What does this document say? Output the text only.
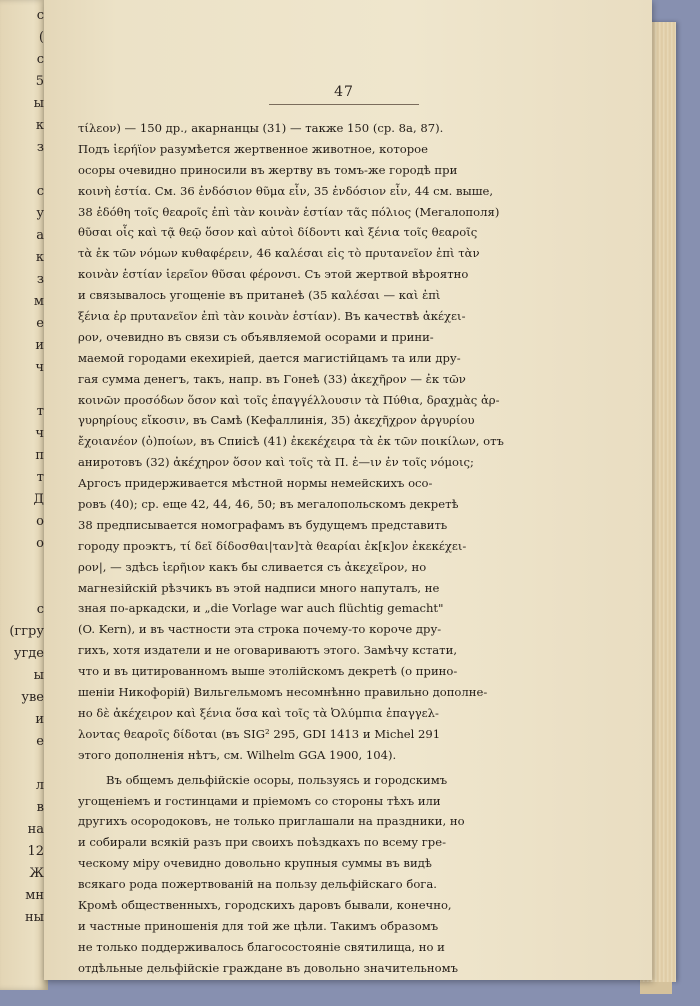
с
(
с
5
ы
к
з
с
у
а
к
з
м
е
и
ч
т
ч
п
т
Д
о
о
с
(ггру
угде
ы
уве
и
е
л
в
на
12
Ж
мн
ны
47
τίλεον) — 150 др., акарнанцы (31) — также 150 (ср. 8а, 87).
Подъ ἱερήϊον разумѣется жертвенное животное, которое
осоры очевидно приносили въ жертву въ томъ-же городѣ при
κοινὴ ἑστία. См. 36 ἐνδόσιον θῦμα εἶν, 35 ἐνδόσιον εἶν, 44 см. выше,
38 ἐδόθη τοῖς θεαροῖς ἐπὶ τὰν κοινὰν ἑστίαν τᾶς πόλιος (Мегалополя)
θῦσαι οἷς καὶ τᾷ θεῷ ὅσον καὶ αὐτοὶ δίδοντι καὶ ξένια τοῖς θεαροῖς
τὰ ἐκ τῶν νόμων κυθαφέρειν, 46 καλέσαι εἰς τὸ πρυτανεῖον ἐπὶ τὰν
κοινὰν ἑστίαν ἱερεῖον θῦσαι φέρονσι. Съ этой жертвой вѣроятно
и связывалось угощеніе въ пританеѣ (35 καλέσαι — καὶ ἐπὶ
ξένια ἐρ πρυτανεῖον ἐπὶ τὰν κοινὰν ἑστίαν). Въ качествѣ ἀκέχει-
ρον, очевидно въ связи съ объявляемой осорами и прини-
маемой городами екехиріей, дается магистійцамъ та или дру-
гая сумма денегъ, такъ, напр. въ Гонеѣ (33) ἀκεχῆρον — ἐκ τῶν
κοινῶν προσόδων ὅσον καὶ τοῖς ἐπαγγέλλουσιν τὰ Πύθια, δραχμὰς ἀρ-
γυρηρίους εἴκοσιν, въ Самѣ (Кефаллинія, 35) ἀκεχῆχρον ἀργυρίου
ἔχοιανέον (ὀ)ποίων, въ Спиісѣ (41) ἐκεκέχειρα τὰ ἐκ τῶν ποικίλων, отъ
аниротовъ (32) ἀκέχηρον ὅσον καὶ τοῖς τὰ Π. ἐ—ιν ἐν τοῖς νόμοις;
Аргосъ придерживается мѣстной нормы немейскихъ осо-
ровъ (40); ср. еще 42, 44, 46, 50; въ мегалопольскомъ декретѣ
38 предписывается номографамъ въ будущемъ представить
городу проэктъ, τί δεῖ δίδοσθαι|ταν]τὰ θεαρίαι ἐκ[κ]ον ἐκεκέχει-
ρον|, — здѣсь ἱερῆιον какъ бы сливается съ ἀκεχεῖρον, но
магнезійскій рѣзчикъ въ этой надписи много напуталъ, не
зная по-аркадски, и „die Vorlage war auch flüchtig gemacht"
(O. Kern), и въ частности эта строка почему-то короче дру-
гихъ, хотя издатели и не оговариваютъ этого. Замѣчу кстати,
что и въ цитированномъ выше этолійскомъ декретѣ (о прино-
шеніи Никофорій) Вильгельмомъ несомнѣнно правильно дополне-
но δὲ ἀκέχειρον καὶ ξένια ὅσα καὶ τοῖς τὰ Ὀλύμπια ἐπαγγελ-
λοντας θεαροῖς δίδοται (въ SIG² 295, GDI 1413 и Michel 291
этого дополненія нѣтъ, см. Wilhelm GGA 1900, 104).
Въ общемъ дельфійскіе осоры, пользуясь и городскимъ
угощеніемъ и гостинцами и пріемомъ со стороны тѣхъ или
другихъ осородоковъ, не только приглашали на праздники, но
и собирали всякій разъ при своихъ поѣздкахъ по всему гре-
ческому міру очевидно довольно крупныя суммы въ видѣ
всякаго рода пожертвованій на пользу дельфійскаго бога.
Кромѣ общественныхъ, городскихъ даровъ бывали, конечно,
и частные приношенія для той же цѣли. Такимъ образомъ
не только поддерживалось благосостояніе святилища, но и
отдѣльные дельфійскіе граждане въ довольно значительномъ
